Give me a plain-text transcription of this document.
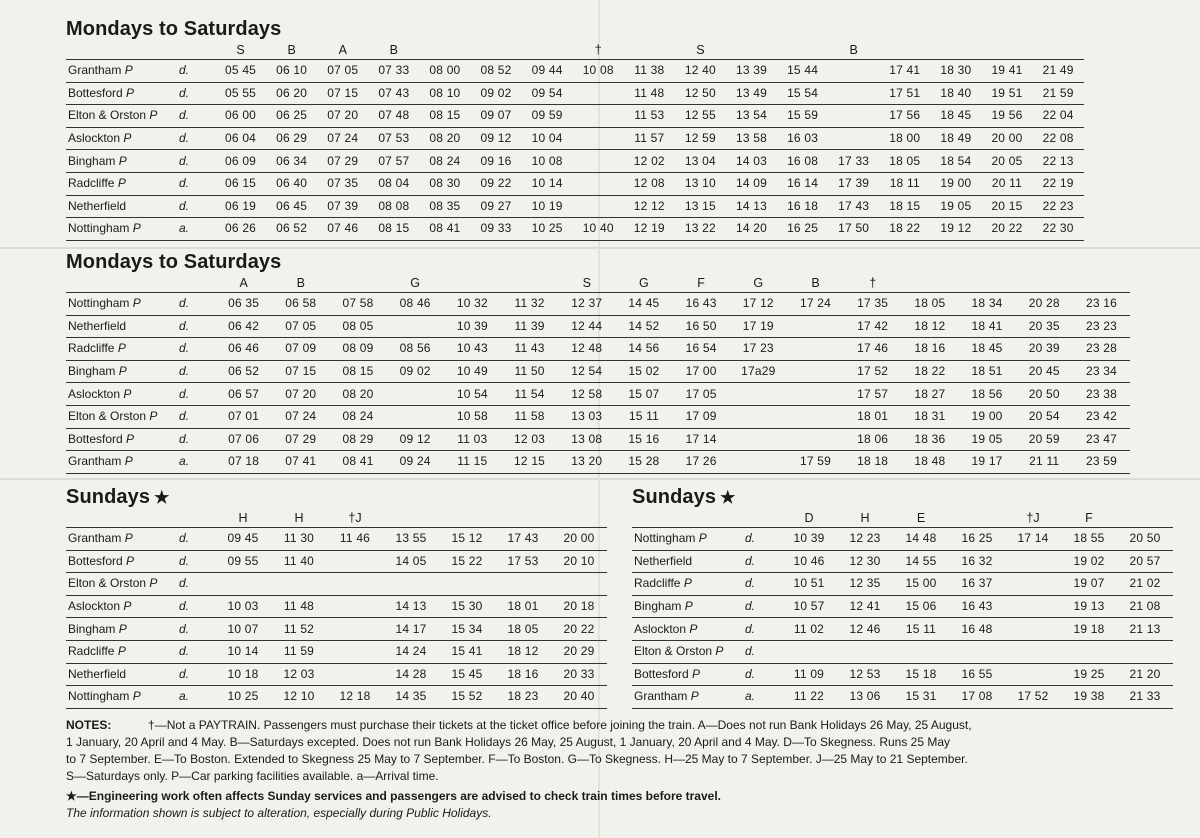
Mondays to Saturdays
		S	B	A	B				†		S			B				
Grantham P	d.	05 45	06 10	07 05	07 33	08 00	08 52	09 44	10 08	11 38	12 40	13 39	15 44		17 41	18 30	19 41	21 49
Bottesford P	d.	05 55	06 20	07 15	07 43	08 10	09 02	09 54		11 48	12 50	13 49	15 54		17 51	18 40	19 51	21 59
Elton & Orston P	d.	06 00	06 25	07 20	07 48	08 15	09 07	09 59		11 53	12 55	13 54	15 59		17 56	18 45	19 56	22 04
Aslockton P	d.	06 04	06 29	07 24	07 53	08 20	09 12	10 04		11 57	12 59	13 58	16 03		18 00	18 49	20 00	22 08
Bingham P	d.	06 09	06 34	07 29	07 57	08 24	09 16	10 08		12 02	13 04	14 03	16 08	17 33	18 05	18 54	20 05	22 13
Radcliffe P	d.	06 15	06 40	07 35	08 04	08 30	09 22	10 14		12 08	13 10	14 09	16 14	17 39	18 11	19 00	20 11	22 19
Netherfield	d.	06 19	06 45	07 39	08 08	08 35	09 27	10 19		12 12	13 15	14 13	16 18	17 43	18 15	19 05	20 15	22 23
Nottingham P	a.	06 26	06 52	07 46	08 15	08 41	09 33	10 25	10 40	12 19	13 22	14 20	16 25	17 50	18 22	19 12	20 22	22 30
Mondays to Saturdays
		A	B		G			S	G	F	G	B	†				
Nottingham P	d.	06 35	06 58	07 58	08 46	10 32	11 32	12 37	14 45	16 43	17 12	17 24	17 35	18 05	18 34	20 28	23 16
Netherfield	d.	06 42	07 05	08 05		10 39	11 39	12 44	14 52	16 50	17 19		17 42	18 12	18 41	20 35	23 23
Radcliffe P	d.	06 46	07 09	08 09	08 56	10 43	11 43	12 48	14 56	16 54	17 23		17 46	18 16	18 45	20 39	23 28
Bingham P	d.	06 52	07 15	08 15	09 02	10 49	11 50	12 54	15 02	17 00	17a29		17 52	18 22	18 51	20 45	23 34
Aslockton P	d.	06 57	07 20	08 20		10 54	11 54	12 58	15 07	17 05			17 57	18 27	18 56	20 50	23 38
Elton & Orston P	d.	07 01	07 24	08 24		10 58	11 58	13 03	15 11	17 09			18 01	18 31	19 00	20 54	23 42
Bottesford P	d.	07 06	07 29	08 29	09 12	11 03	12 03	13 08	15 16	17 14			18 06	18 36	19 05	20 59	23 47
Grantham P	a.	07 18	07 41	08 41	09 24	11 15	12 15	13 20	15 28	17 26		17 59	18 18	18 48	19 17	21 11	23 59
Sundays ★
		H	H	†J				
Grantham P	d.	09 45	11 30	11 46	13 55	15 12	17 43	20 00
Bottesford P	d.	09 55	11 40		14 05	15 22	17 53	20 10
Elton & Orston P	d.							
Aslockton P	d.	10 03	11 48		14 13	15 30	18 01	20 18
Bingham P	d.	10 07	11 52		14 17	15 34	18 05	20 22
Radcliffe P	d.	10 14	11 59		14 24	15 41	18 12	20 29
Netherfield	d.	10 18	12 03		14 28	15 45	18 16	20 33
Nottingham P	a.	10 25	12 10	12 18	14 35	15 52	18 23	20 40
Sundays ★
		D	H	E		†J	F	
Nottingham P	d.	10 39	12 23	14 48	16 25	17 14	18 55	20 50
Netherfield	d.	10 46	12 30	14 55	16 32		19 02	20 57
Radcliffe P	d.	10 51	12 35	15 00	16 37		19 07	21 02
Bingham P	d.	10 57	12 41	15 06	16 43		19 13	21 08
Aslockton P	d.	11 02	12 46	15 11	16 48		19 18	21 13
Elton & Orston P	d.							
Bottesford P	d.	11 09	12 53	15 18	16 55		19 25	21 20
Grantham P	a.	11 22	13 06	15 31	17 08	17 52	19 38	21 33

NOTES:	†—Not a PAYTRAIN. Passengers must purchase their tickets at the ticket office before joining the train. A—Does not run Bank Holidays 26 May, 25 August,

1 January, 20 April and 4 May. B—Saturdays excepted. Does not run Bank Holidays 26 May, 25 August, 1 January, 20 April and 4 May. D—To Skegness. Runs 25 May

to 7 September. E—To Boston. Extended to Skegness 25 May to 7 September. F—To Boston. G—To Skegness. H—25 May to 7 September. J—25 May to 21 September.

S—Saturdays only. P—Car parking facilities available. a—Arrival time.

★—Engineering work often affects Sunday services and passengers are advised to check train times before travel.

The information shown is subject to alteration, especially during Public Holidays.
